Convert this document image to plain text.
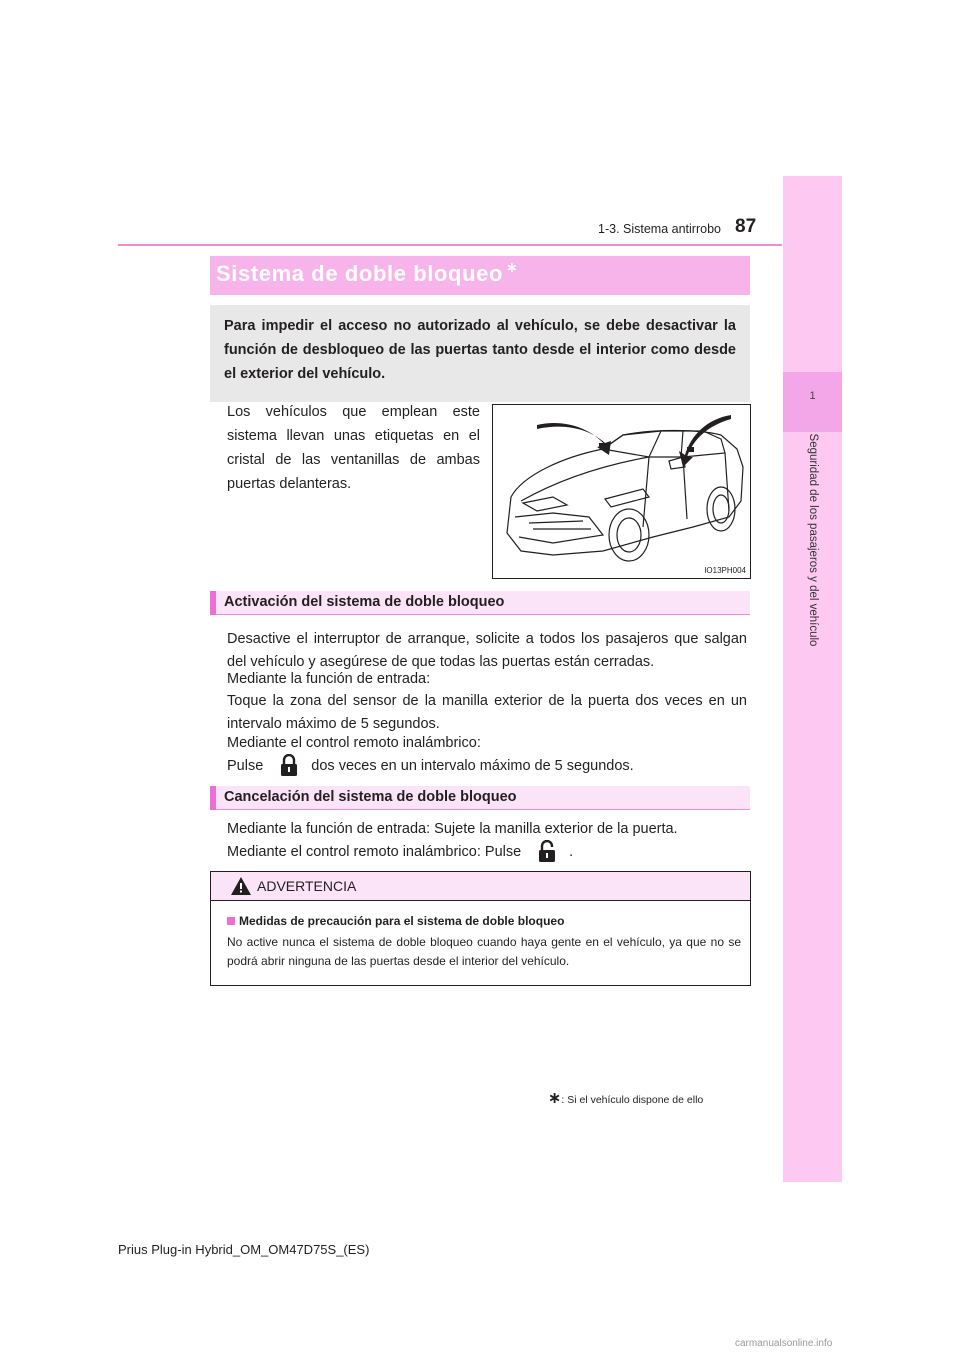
1-3. Sistema antirrobo 87
1
Seguridad de los pasajeros y del vehículo
Sistema de doble bloqueo ∗

Para impedir el acceso no autorizado al vehículo, se debe desactivar la función de desbloqueo de las puertas tanto desde el interior como desde el exterior del vehículo.

Los vehículos que emplean este sistema llevan unas etiquetas en el cristal de las ventanillas de ambas puertas delanteras.
IO13PH004
Activación del sistema de doble bloqueo

Desactive el interruptor de arranque, solicite a todos los pasajeros que salgan del vehículo y asegúrese de que todas las puertas están cerradas.

Mediante la función de entrada:

Toque la zona del sensor de la manilla exterior de la puerta dos veces en un intervalo máximo de 5 segundos.

Mediante el control remoto inalámbrico:

Pulse	dos veces en un intervalo máximo de 5 segundos.

Cancelación del sistema de doble bloqueo

Mediante la función de entrada: Sujete la manilla exterior de la puerta.

Mediante el control remoto inalámbrico: Pulse	.

ADVERTENCIA
Medidas de precaución para el sistema de doble bloqueo

No active nunca el sistema de doble bloqueo cuando haya gente en el vehículo, ya que no se podrá abrir ninguna de las puertas desde el interior del vehículo.

∗: Si el vehículo dispone de ello
Prius Plug-in Hybrid_OM_OM47D75S_(ES)
carmanualsonline.info
